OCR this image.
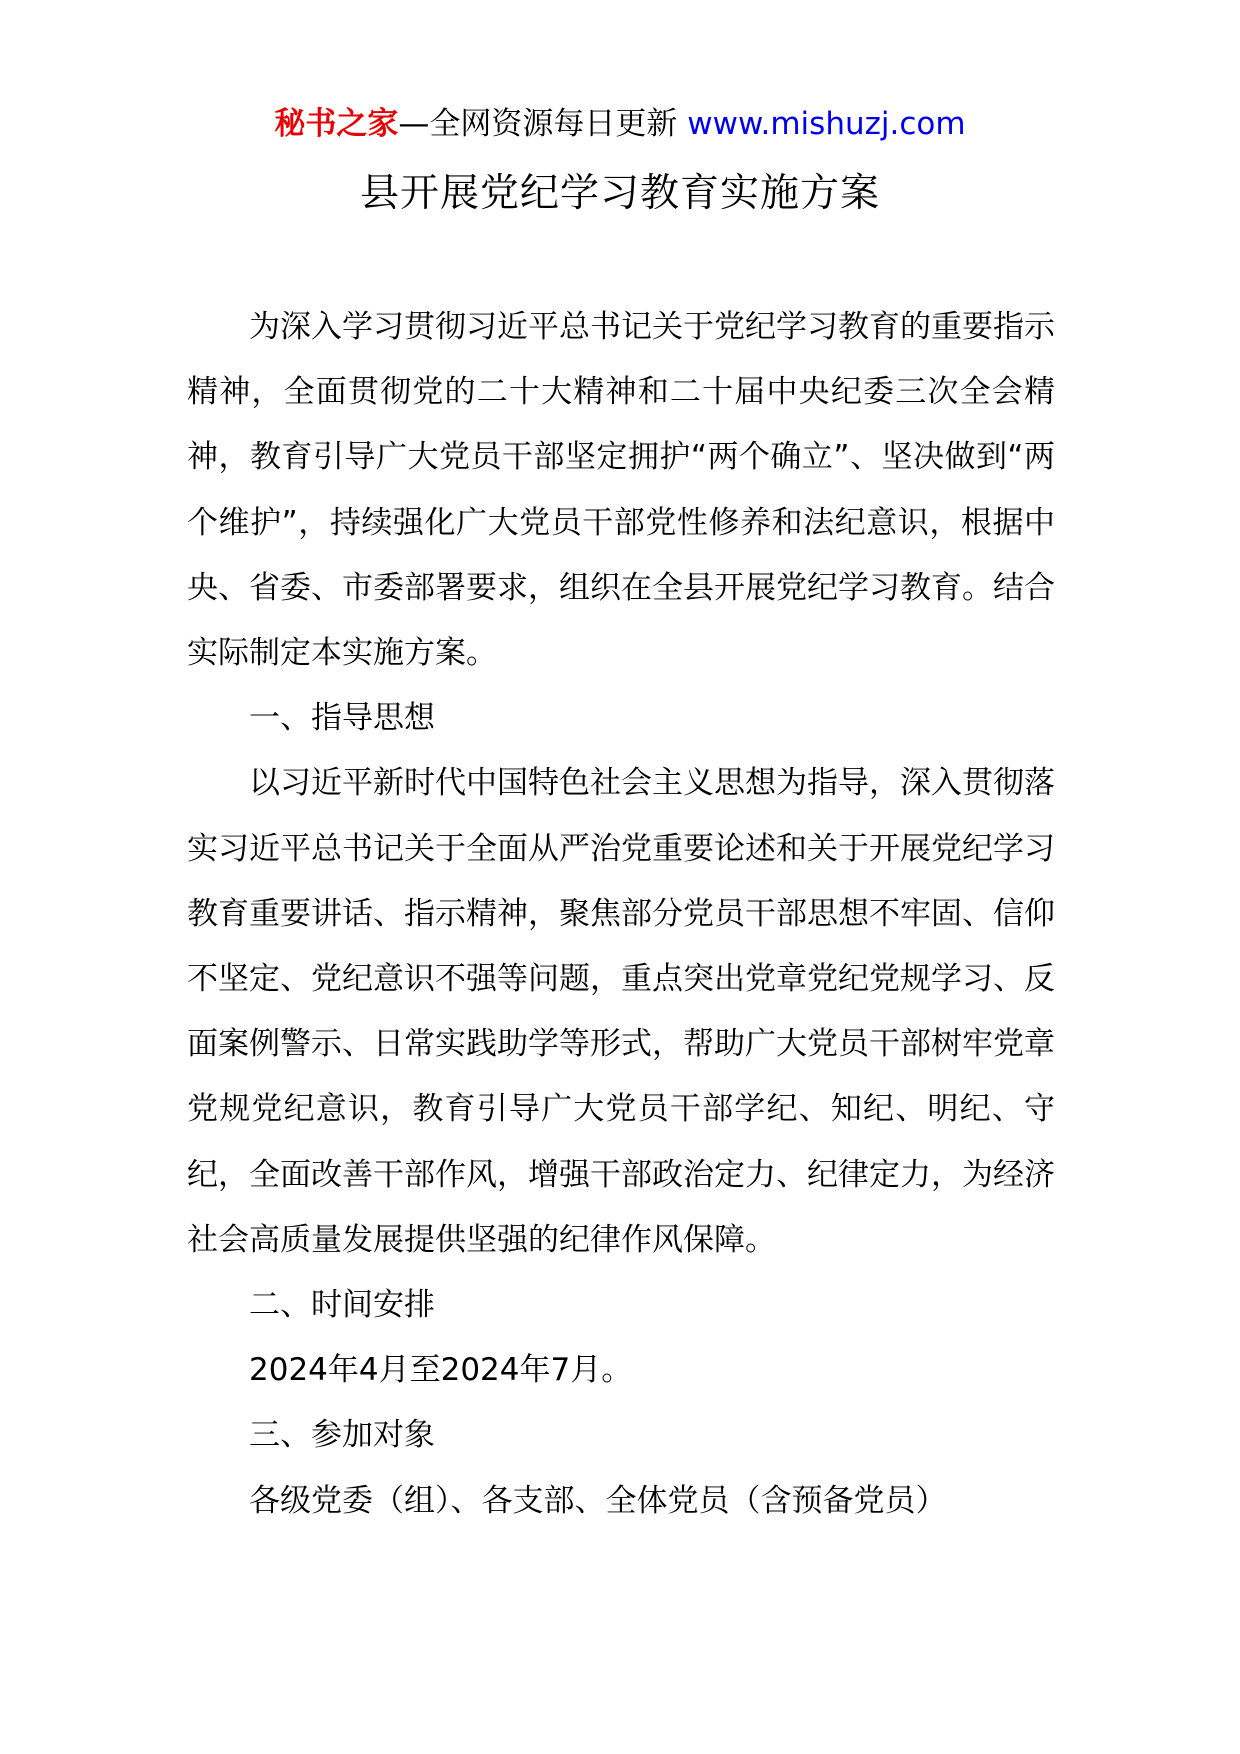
秘书之家—全网资源每日更新 www.mishuzj.com
县开展党纪学习教育实施方案

为深入学习贯彻习近平总书记关于党纪学习教育的重要指示精神，全面贯彻党的二十大精神和二十届中央纪委三次全会精神，教育引导广大党员干部坚定拥护“两个确立”、坚决做到“两个维护”，持续强化广大党员干部党性修养和法纪意识，根据中央、省委、市委部署要求，组织在全县开展党纪学习教育。结合实际制定本实施方案。

一、指导思想

以习近平新时代中国特色社会主义思想为指导，深入贯彻落实习近平总书记关于全面从严治党重要论述和关于开展党纪学习教育重要讲话、指示精神，聚焦部分党员干部思想不牢固、信仰不坚定、党纪意识不强等问题，重点突出党章党纪党规学习、反面案例警示、日常实践助学等形式，帮助广大党员干部树牢党章党规党纪意识，教育引导广大党员干部学纪、知纪、明纪、守纪，全面改善干部作风，增强干部政治定力、纪律定力，为经济社会高质量发展提供坚强的纪律作风保障。

二、时间安排

2024年4月至2024年7月。

三、参加对象

各级党委（组）、各支部、全体党员（含预备党员）
